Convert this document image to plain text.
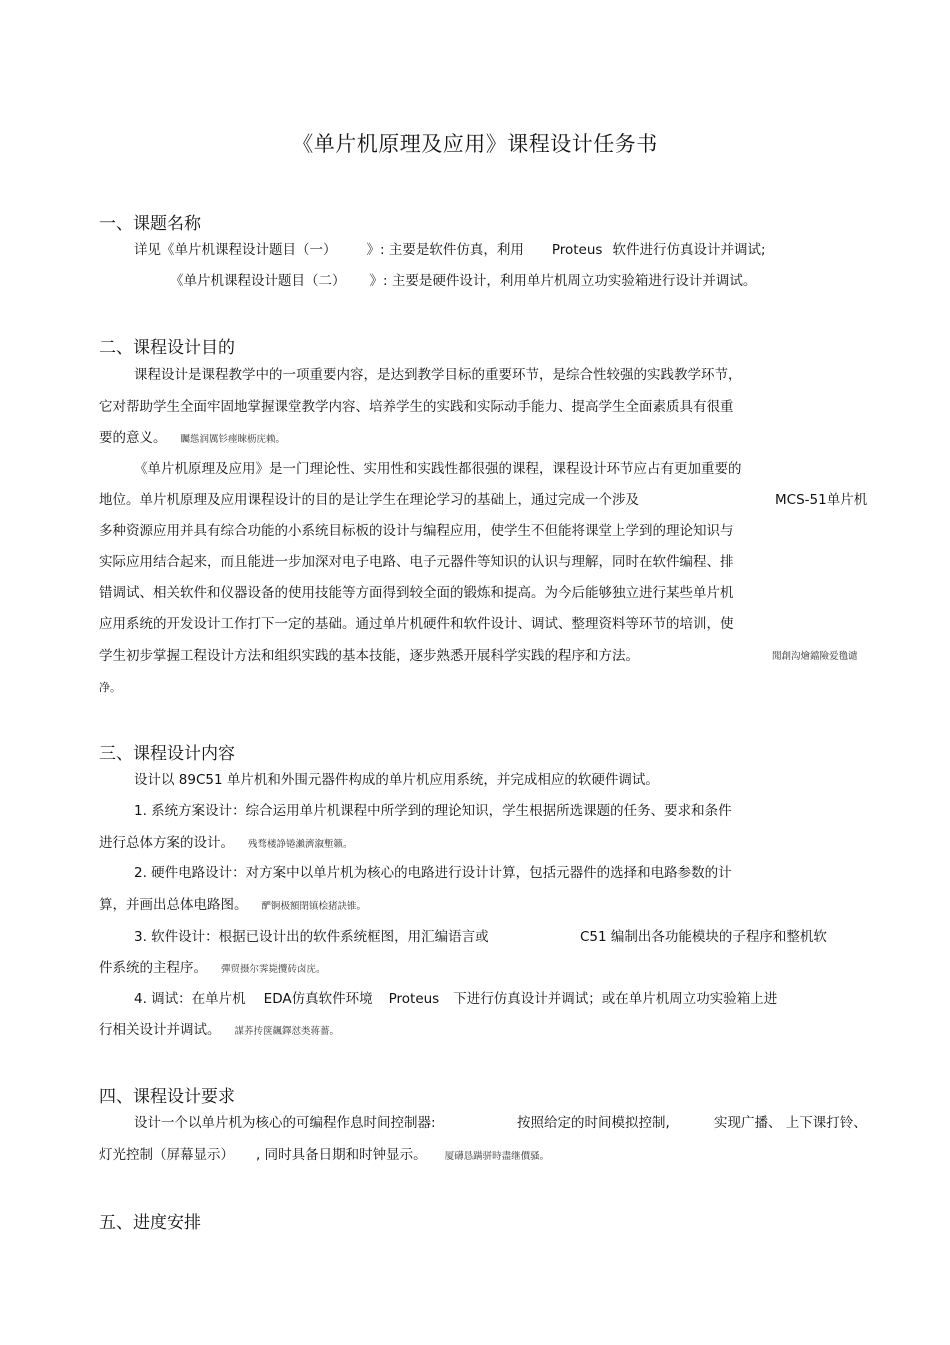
《单片机原理及应用》课程设计任务书
一、课题名称
详见《单片机课程设计题目（一） 》: 主要是软件仿真，利用 Proteus 软件进行仿真设计并调试;
《单片机课程设计题目（二） 》: 主要是硬件设计，利用单片机周立功实验箱进行设计并调试。
二、课程设计目的
课程设计是课程教学中的一项重要内容，是达到教学目标的重要环节，是综合性较强的实践教学环节，
它对帮助学生全面牢固地掌握课堂教学内容、培养学生的实践和实际动手能力、提高学生全面素质具有很重
要的意义。 矚慫润厲钐瘗睞枥庑赖。
《单片机原理及应用》是一门理论性、实用性和实践性都很强的课程，课程设计环节应占有更加重要的
地位。单片机原理及应用课程设计的目的是让学生在理论学习的基础上，通过完成一个涉及	MCS-51单片机
多种资源应用并具有综合功能的小系统目标板的设计与编程应用，使学生不但能将课堂上学到的理论知识与
实际应用结合起来，而且能进一步加深对电子电路、电子元器件等知识的认识与理解，同时在软件编程、排
错调试、相关软件和仪器设备的使用技能等方面得到较全面的锻炼和提高。为今后能够独立进行某些单片机
应用系统的开发设计工作打下一定的基础。通过单片机硬件和软件设计、调试、整理资料等环节的培训，使
学生初步掌握工程设计方法和组织实践的基本技能，逐步熟悉开展科学实践的程序和方法。	聞創沟燴鐺險爱氇谴
净。
三、课程设计内容
设计以 89C51 单片机和外围元器件构成的单片机应用系统，并完成相应的软硬件调试。
1. 系统方案设计：综合运用单片机课程中所学到的理论知识，学生根据所选课题的任务、要求和条件
进行总体方案的设计。 残骛楼諍锩瀨濟溆塹籟。
2. 硬件电路设计：对方案中以单片机为核心的电路进行设计计算，包括元器件的选择和电路参数的计
算，并画出总体电路图。 酽锕极額閉镇桧猪訣锥。
3. 软件设计：根据已设计出的软件系统框图，用汇编语言或	C51 编制出各功能模块的子程序和整机软
件系统的主程序。 彈贸摄尔霁毙攬砖卤庑。
4. 调试：在单片机 EDA仿真软件环境 Proteus 下进行仿真设计并调试；或在单片机周立功实验箱上进
行相关设计并调试。 謀荞抟箧飆鐸怼类蒋薔。
四、课程设计要求
设计一个以单片机为核心的可编程作息时间控制器:	按照给定的时间模拟控制,	实现广播、 上下课打铃、
灯光控制（屏幕显示） , 同时具备日期和时钟显示。 厦礴恳蹒骈時盡继價骚。
五、进度安排
